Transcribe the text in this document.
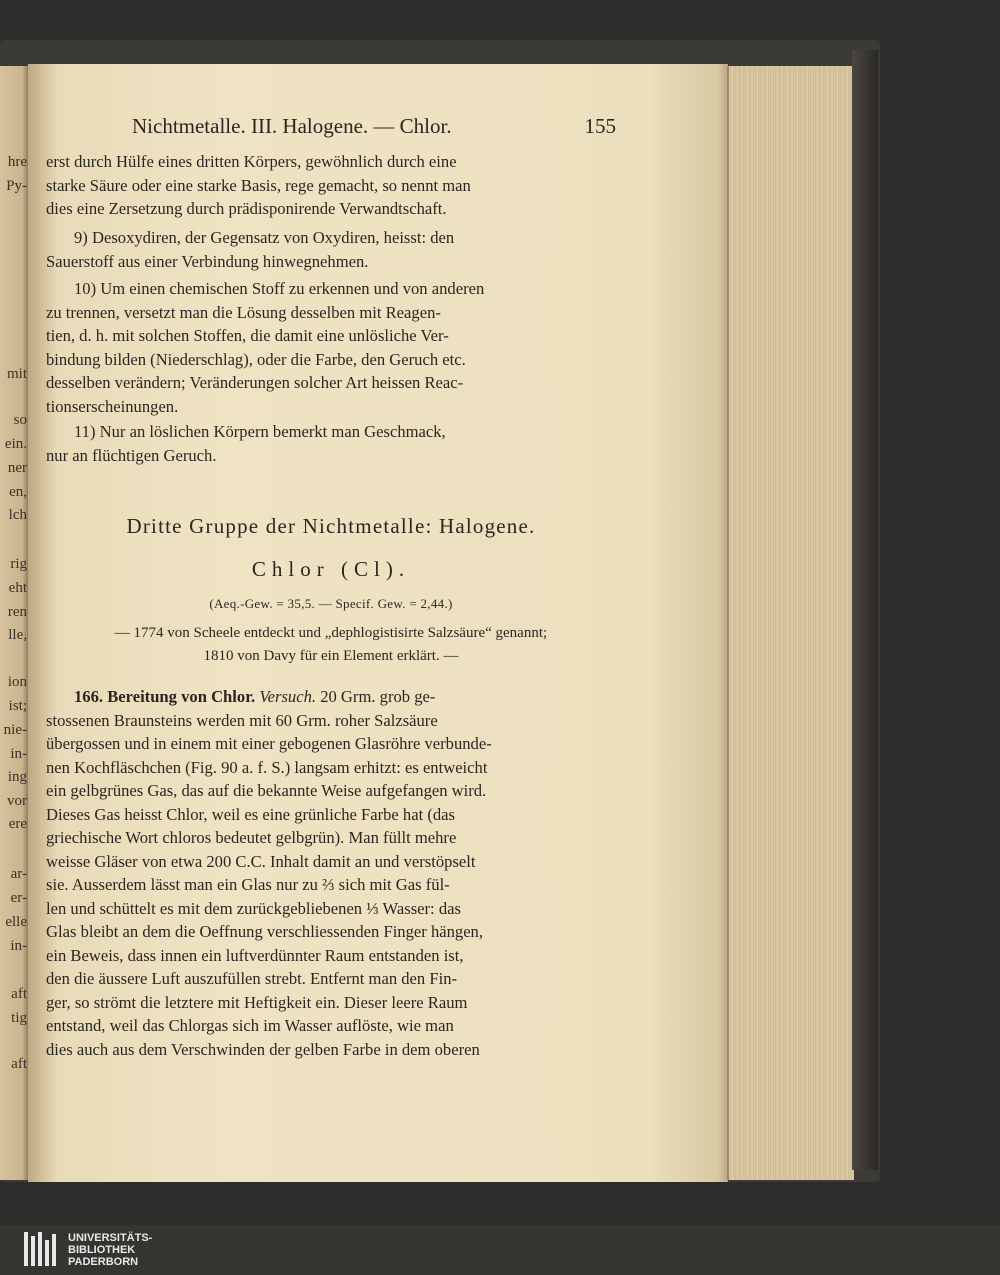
hre
Py-
mit
so
ein.
ner
en,
lch
rig
eht
ren
lle,
ion
ist;
nie-
in-
ing
vor
ere
ar-
er-
elle
in-
aft
tig
aft
Nichtmetalle. III. Halogene. — Chlor.	155
erst durch Hülfe eines dritten Körpers, gewöhnlich durch eine
starke Säure oder eine starke Basis, rege gemacht, so nennt man
dies eine Zersetzung durch prädisponirende Verwandtschaft.
9) Desoxydiren, der Gegensatz von Oxydiren, heisst: den
Sauerstoff aus einer Verbindung hinwegnehmen.
10) Um einen chemischen Stoff zu erkennen und von anderen
zu trennen, versetzt man die Lösung desselben mit Reagen-
tien, d. h. mit solchen Stoffen, die damit eine unlösliche Ver-
bindung bilden (Niederschlag), oder die Farbe, den Geruch etc.
desselben verändern; Veränderungen solcher Art heissen Reac-
tionserscheinungen.
11) Nur an löslichen Körpern bemerkt man Geschmack,
nur an flüchtigen Geruch.
Dritte Gruppe der Nichtmetalle: Halogene.
Chlor (Cl).
(Aeq.-Gew. = 35,5. — Specif. Gew. = 2,44.)
— 1774 von Scheele entdeckt und „dephlogistisirte Salzsäure“ genannt;
1810 von Davy für ein Element erklärt. —
166. Bereitung von Chlor. Versuch. 20 Grm. grob ge-
stossenen Braunsteins werden mit 60 Grm. roher Salzsäure
übergossen und in einem mit einer gebogenen Glasröhre verbunde-
nen Kochfläschchen (Fig. 90 a. f. S.) langsam erhitzt: es entweicht
ein gelbgrünes Gas, das auf die bekannte Weise aufgefangen wird.
Dieses Gas heisst Chlor, weil es eine grünliche Farbe hat (das
griechische Wort chloros bedeutet gelbgrün). Man füllt mehre
weisse Gläser von etwa 200 C.C. Inhalt damit an und verstöpselt
sie. Ausserdem lässt man ein Glas nur zu ⅔ sich mit Gas fül-
len und schüttelt es mit dem zurückgebliebenen ⅓ Wasser: das
Glas bleibt an dem die Oeffnung verschliessenden Finger hängen,
ein Beweis, dass innen ein luftverdünnter Raum entstanden ist,
den die äussere Luft auszufüllen strebt. Entfernt man den Fin-
ger, so strömt die letztere mit Heftigkeit ein. Dieser leere Raum
entstand, weil das Chlorgas sich im Wasser auflöste, wie man
dies auch aus dem Verschwinden der gelben Farbe in dem oberen
UNIVERSITÄTS-
BIBLIOTHEK
PADERBORN
